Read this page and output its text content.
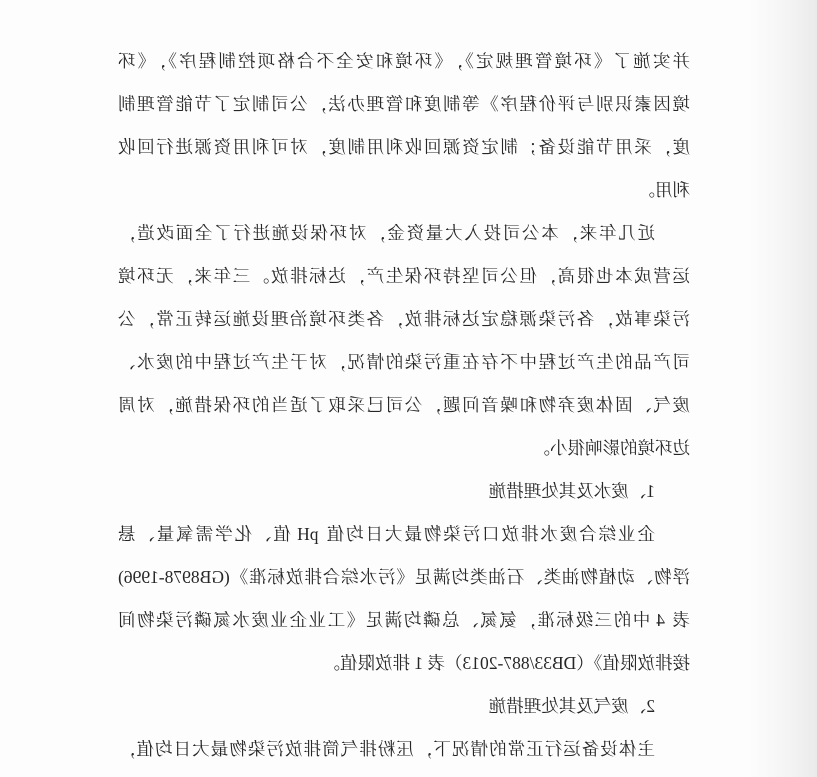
并实施了《环境管理规定》，《环境和安全不合格项控制程序》，《环
境因素识别与评价程序》等制度和管理办法，公司制定了节能管理制
度，采用节能设备；制定资源回收利用制度，对可利用资源进行回收
利用。
近几年来，本公司投入大量资金，对环保设施进行了全面改造，
运营成本也很高，但公司坚持环保生产，达标排放。三年来，无环境
污染事故，各污染源稳定达标排放，各类环境治理设施运转正常，公
司产品的生产过程中不存在重污染的情况，对于生产过程中的废水、
废气、固体废弃物和噪音问题，公司已采取了适当的环保措施，对周
边环境的影响很小。
1、废水及其处理措施
企业综合废水排放口污染物最大日均值 pH 值、化学需氧量、悬
浮物、动植物油类、石油类均满足《污水综合排放标准》(GB8978-1996)
表 4 中的三级标准，氨氮、总磷均满足《工业企业废水氮磷污染物间
接排放限值》（DB33/887-2013）表 1 排放限值。
2、废气及其处理措施
主体设备运行正常的情况下，压粉排气筒排放污染物最大日均值，
